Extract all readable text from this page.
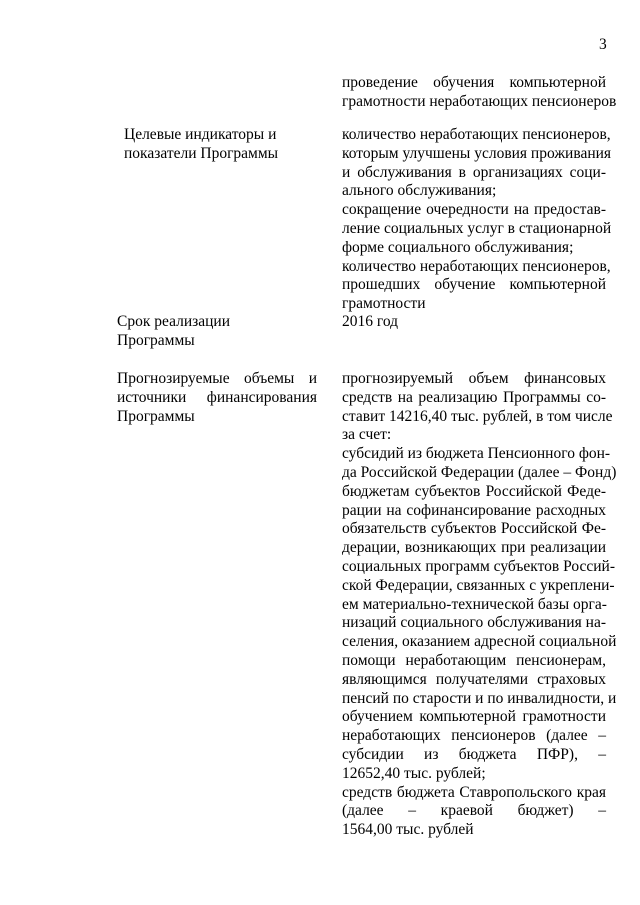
3
проведение обучения компьютерной
грамотности неработающих пенсионеров
Целевые индикаторы и
показатели Программы
количество неработающих пенсионеров,
которым улучшены условия проживания
и обслуживания в организациях соци-
ального обслуживания;
сокращение очередности на предостав-
ление социальных услуг в стационарной
форме социального обслуживания;
количество неработающих пенсионеров,
прошедших обучение компьютерной
грамотности
Срок реализации
Программы
2016 год
Прогнозируемые объемы и
источники финансирования
Программы
прогнозируемый объем финансовых
средств на реализацию Программы со-
ставит 14216,40 тыс. рублей, в том числе
за счет:
субсидий из бюджета Пенсионного фон-
да Российской Федерации (далее – Фонд)
бюджетам субъектов Российской Феде-
рации на софинансирование расходных
обязательств субъектов Российской Фе-
дерации, возникающих при реализации
социальных программ субъектов Россий-
ской Федерации, связанных с укреплени-
ем материально-технической базы орга-
низаций социального обслуживания на-
селения, оказанием адресной социальной
помощи неработающим пенсионерам,
являющимся получателями страховых
пенсий по старости и по инвалидности, и
обучением компьютерной грамотности
неработающих пенсионеров (далее –
субсидии из бюджета ПФР), –
12652,40 тыс. рублей;
средств бюджета Ставропольского края
(далее – краевой бюджет) –
1564,00 тыс. рублей
